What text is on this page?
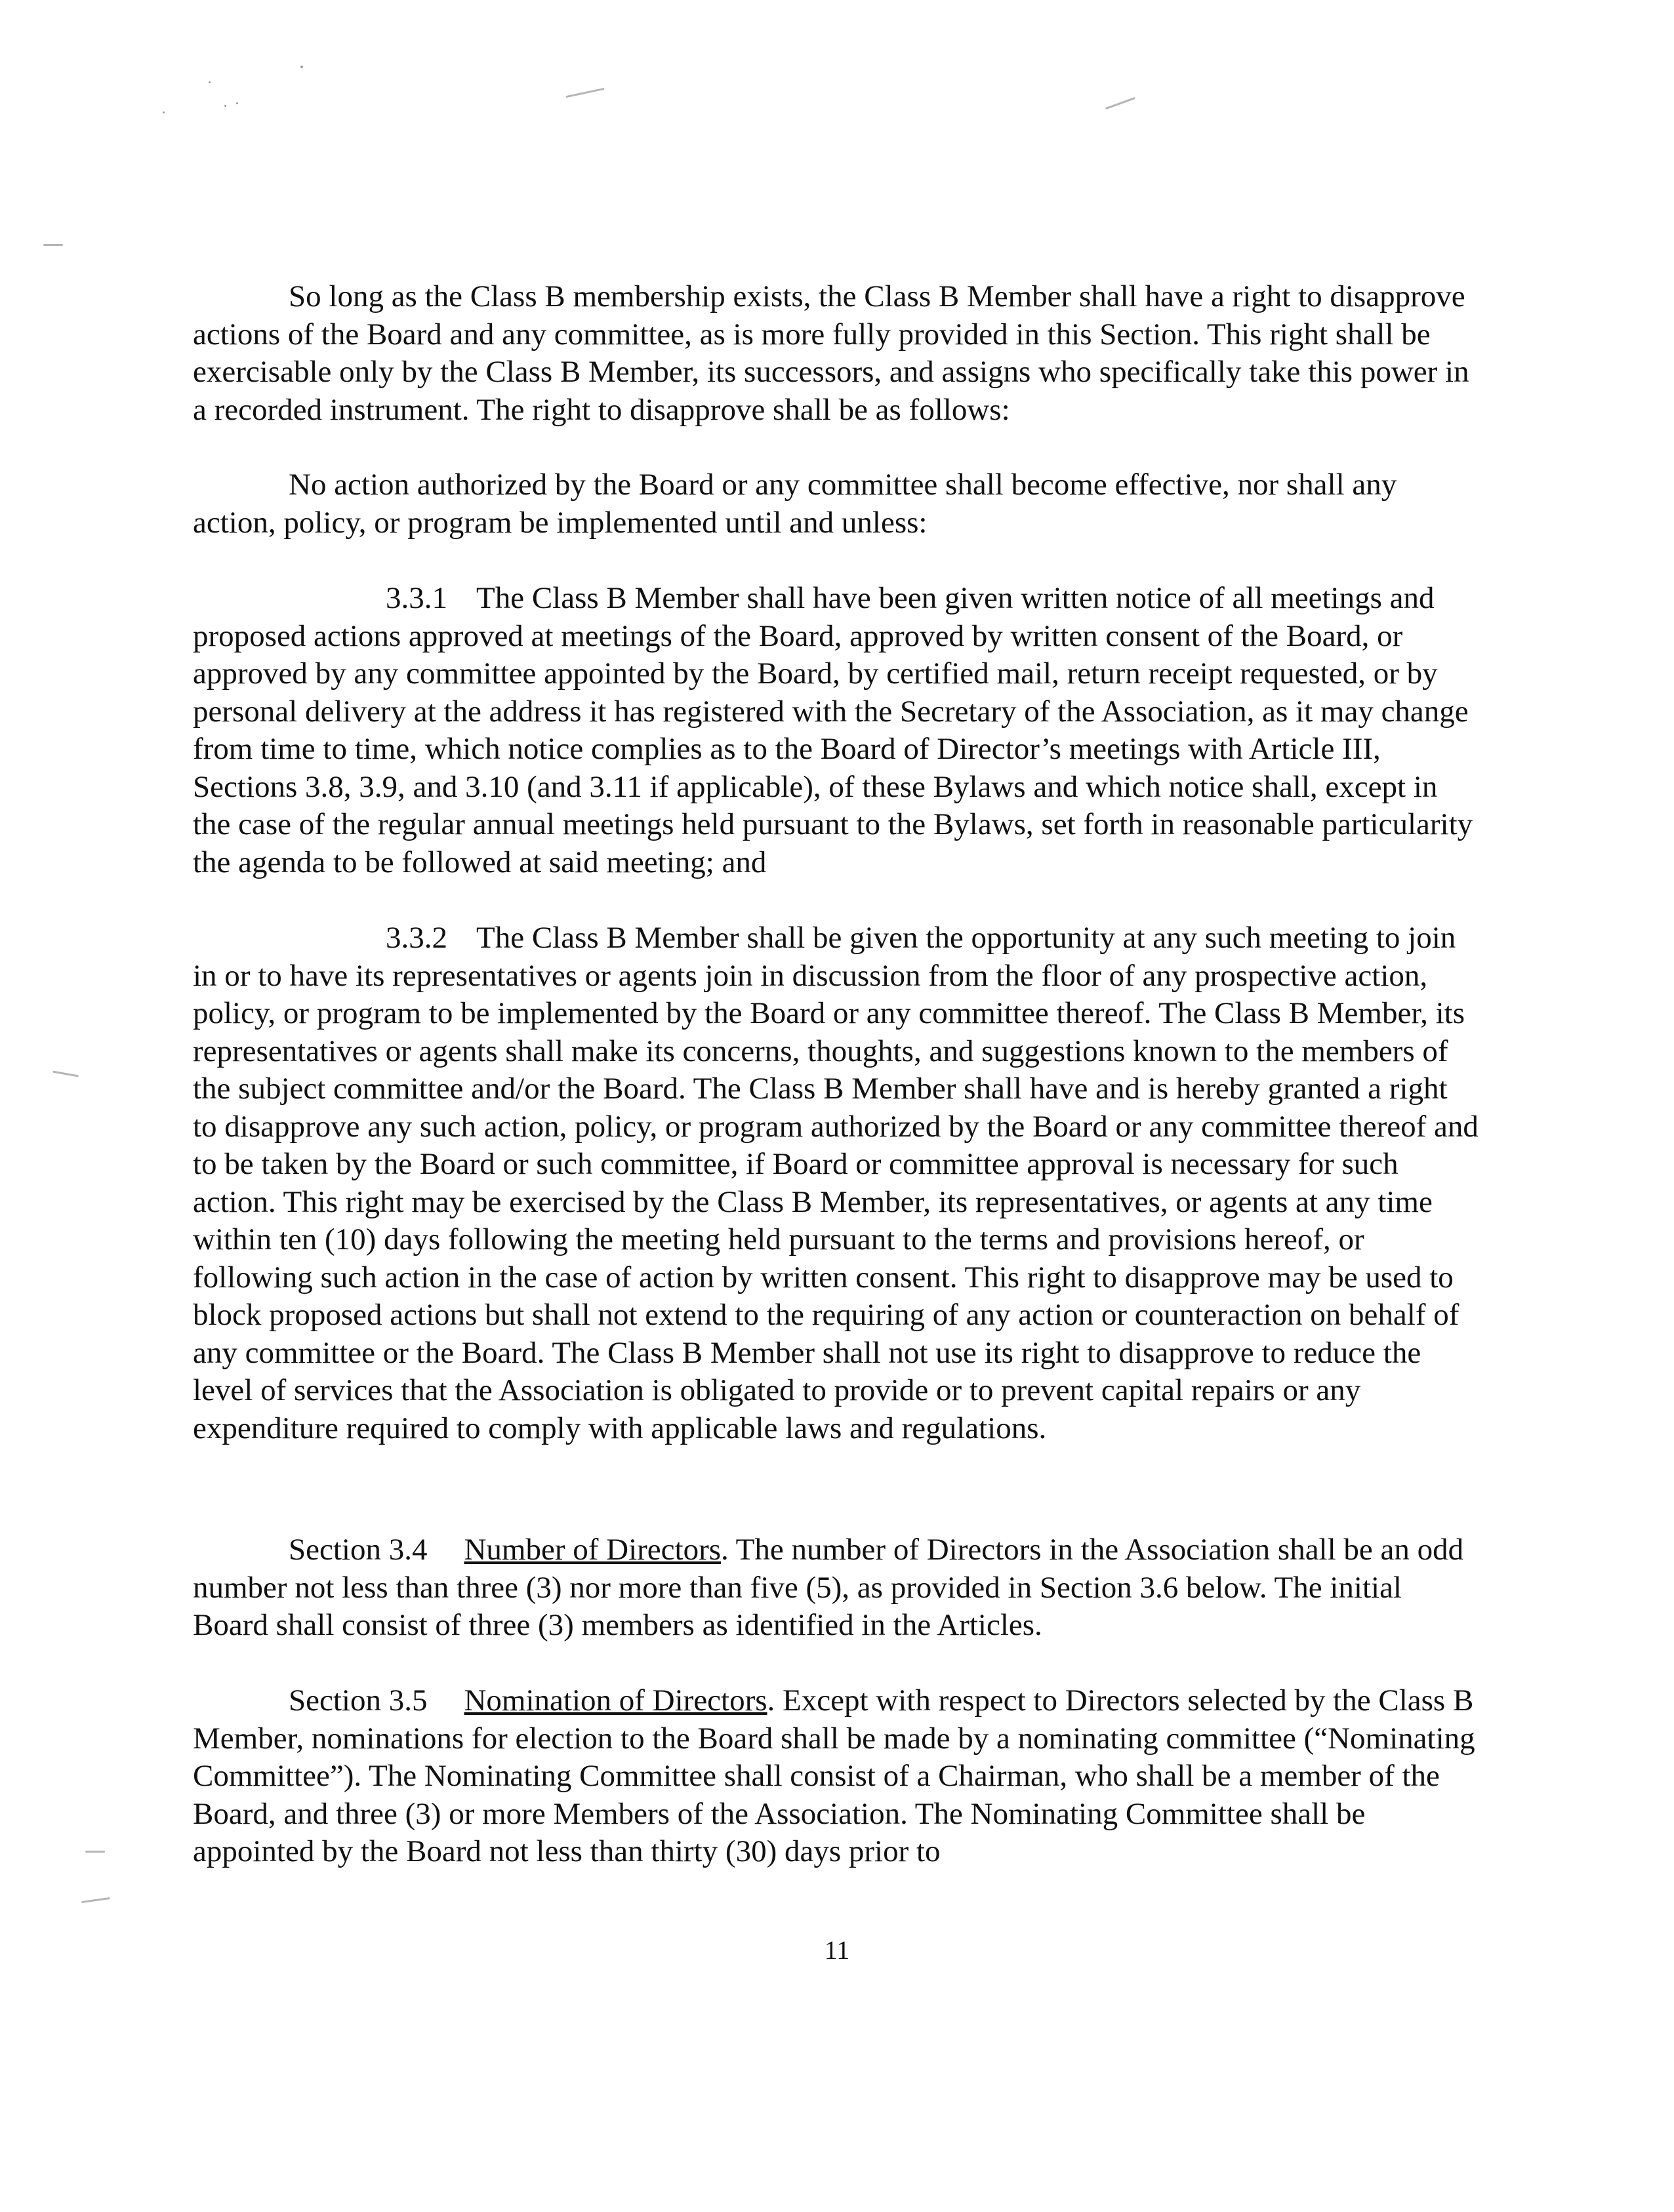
So long as the Class B membership exists, the Class B Member shall have a right to disapprove actions of the Board and any committee, as is more fully provided in this Section. This right shall be exercisable only by the Class B Member, its successors, and assigns who specifically take this power in a recorded instrument. The right to disapprove shall be as follows:

No action authorized by the Board or any committee shall become effective, nor shall any action, policy, or program be implemented until and unless:

3.3.1 The Class B Member shall have been given written notice of all meetings and proposed actions approved at meetings of the Board, approved by written consent of the Board, or approved by any committee appointed by the Board, by certified mail, return receipt requested, or by personal delivery at the address it has registered with the Secretary of the Association, as it may change from time to time, which notice complies as to the Board of Director’s meetings with Article III, Sections 3.8, 3.9, and 3.10 (and 3.11 if applicable), of these Bylaws and which notice shall, except in the case of the regular annual meetings held pursuant to the Bylaws, set forth in reasonable particularity the agenda to be followed at said meeting; and

3.3.2 The Class B Member shall be given the opportunity at any such meeting to join in or to have its representatives or agents join in discussion from the floor of any prospective action, policy, or program to be implemented by the Board or any committee thereof. The Class B Member, its representatives or agents shall make its concerns, thoughts, and suggestions known to the members of the subject committee and/or the Board. The Class B Member shall have and is hereby granted a right to disapprove any such action, policy, or program authorized by the Board or any committee thereof and to be taken by the Board or such committee, if Board or committee approval is necessary for such action. This right may be exercised by the Class B Member, its representatives, or agents at any time within ten (10) days following the meeting held pursuant to the terms and provisions hereof, or following such action in the case of action by written consent. This right to disapprove may be used to block proposed actions but shall not extend to the requiring of any action or counteraction on behalf of any committee or the Board. The Class B Member shall not use its right to disapprove to reduce the level of services that the Association is obligated to provide or to prevent capital repairs or any expenditure required to comply with applicable laws and regulations.

Section 3.4 Number of Directors. The number of Directors in the Association shall be an odd number not less than three (3) nor more than five (5), as provided in Section 3.6 below. The initial Board shall consist of three (3) members as identified in the Articles.

Section 3.5 Nomination of Directors. Except with respect to Directors selected by the Class B Member, nominations for election to the Board shall be made by a nominating committee (“Nominating Committee”). The Nominating Committee shall consist of a Chairman, who shall be a member of the Board, and three (3) or more Members of the Association. The Nominating Committee shall be appointed by the Board not less than thirty (30) days prior to

11
